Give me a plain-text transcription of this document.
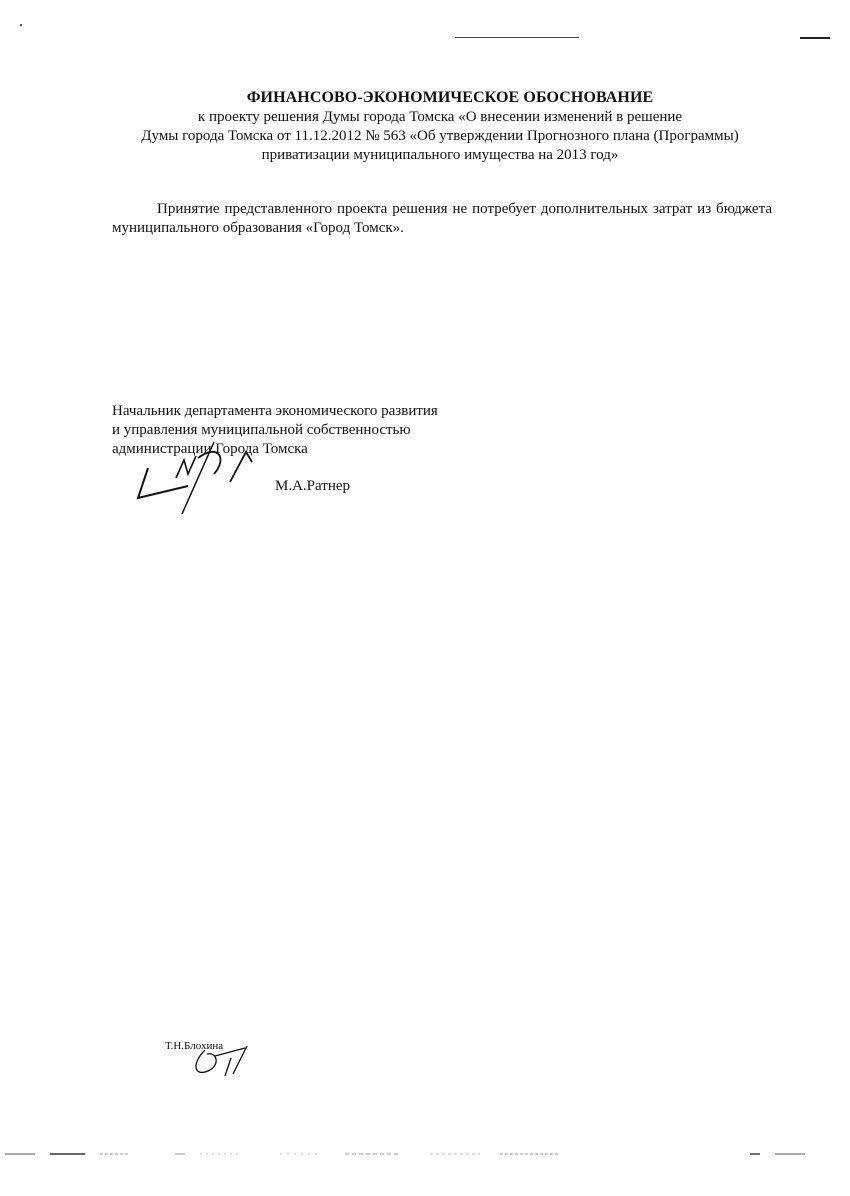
ФИНАНСОВО-ЭКОНОМИЧЕСКОЕ ОБОСНОВАНИЕ
к проекту решения Думы города Томска «О внесении изменений в решение
Думы города Томска от 11.12.2012 № 563 «Об утверждении Прогнозного плана (Программы)
приватизации муниципального имущества на 2013 год»
Принятие представленного проекта решения не потребует дополнительных затрат из бюджета муниципального образования «Город Томск».
Начальник департамента экономического развития
и управления муниципальной собственностью
администрации Города Томска
М.А.Ратнер
Т.Н.Блохина
